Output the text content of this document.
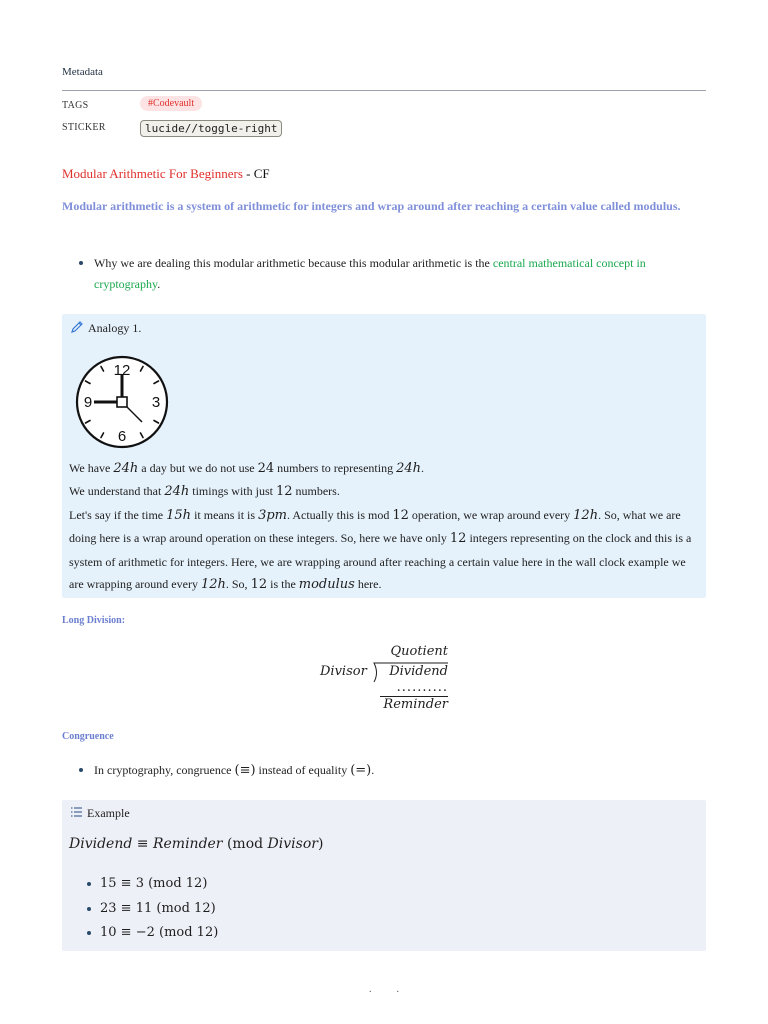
Metadata
TAGS	#Codevault
STICKER	lucide//toggle-right
Modular Arithmetic For Beginners - CF
Modular arithmetic is a system of arithmetic for integers and wrap around after reaching a certain value called modulus.
Why we are dealing this modular arithmetic because this modular arithmetic is the central mathematical concept in cryptography.
Analogy 1.
12
3
6
9
We have 24h a day but we do not use 24 numbers to representing 24h.
We understand that 24h timings with just 12 numbers.
Let's say if the time 15h it means it is 3pm. Actually this is mod 12 operation, we wrap around every 12h. So, what we are doing here is a wrap around operation on these integers. So, here we have only 12 integers representing on the clock and this is a system of arithmetic for integers. Here, we are wrapping around after reaching a certain value here in the wall clock example we are wrapping around every 12h. So, 12 is the modulus here.
Long Division:
Quotient
Divisor Dividend
..........
Reminder
Congruence
In cryptography, congruence (≡) instead of equality (=).
Example
Dividend ≡ Reminder (mod Divisor)
15 ≡ 3 (mod 12)
23 ≡ 11 (mod 12)
10 ≡ −2 (mod 12)
.          .
